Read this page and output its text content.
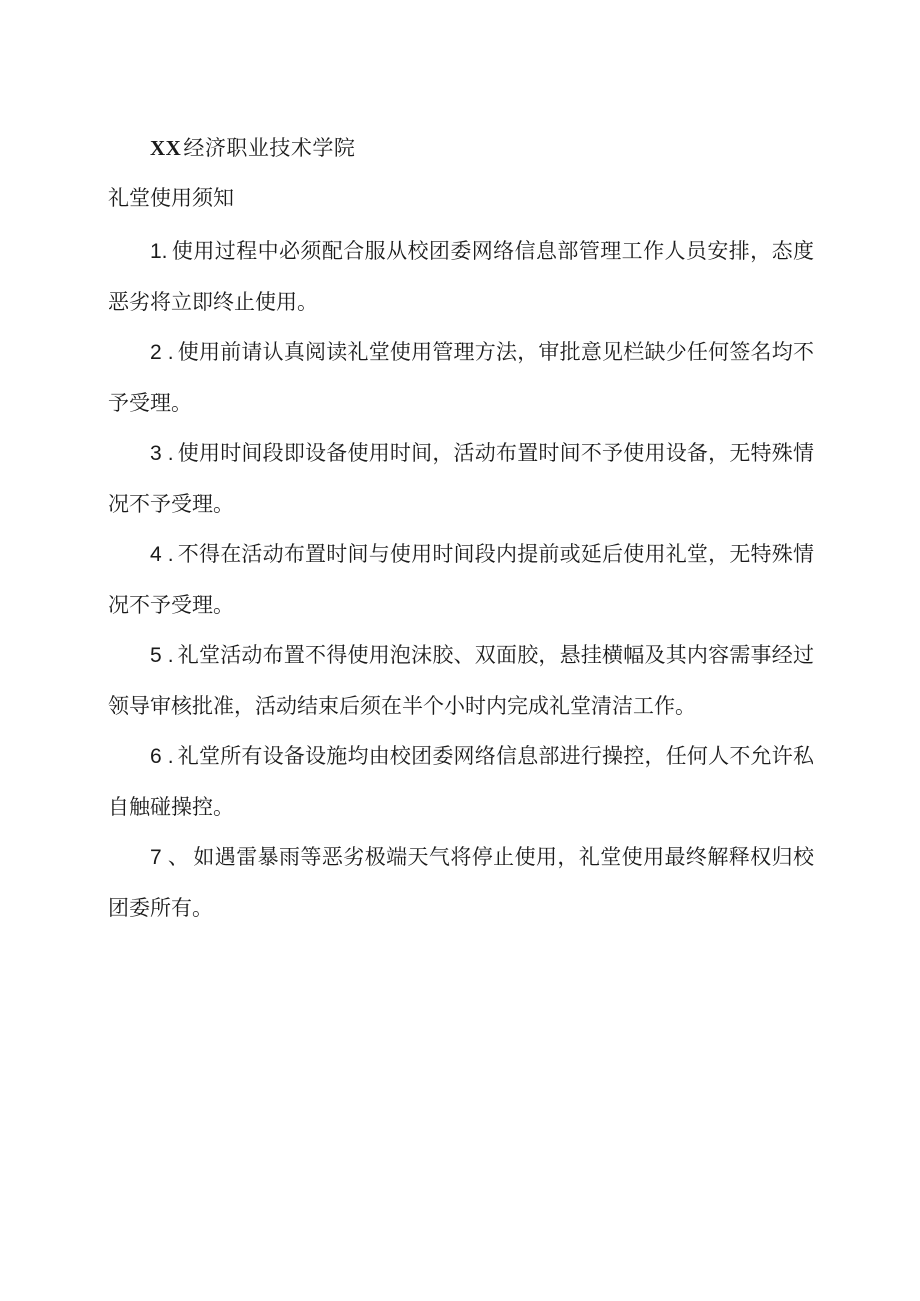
XX经济职业技术学院
礼堂使用须知

1. 使用过程中必须配合服从校团委网络信息部管理工作人员安排，态度恶劣将立即终止使用。

2 . 使用前请认真阅读礼堂使用管理方法，审批意见栏缺少任何签名均不予受理。

3 . 使用时间段即设备使用时间，活动布置时间不予使用设备，无特殊情况不予受理。

4 . 不得在活动布置时间与使用时间段内提前或延后使用礼堂，无特殊情况不予受理。

5 . 礼堂活动布置不得使用泡沫胶、双面胶，悬挂横幅及其内容需事经过领导审核批准，活动结束后须在半个小时内完成礼堂清洁工作。

6 . 礼堂所有设备设施均由校团委网络信息部进行操控，任何人不允许私自触碰操控。

7 、 如遇雷暴雨等恶劣极端天气将停止使用，礼堂使用最终解释权归校团委所有。
